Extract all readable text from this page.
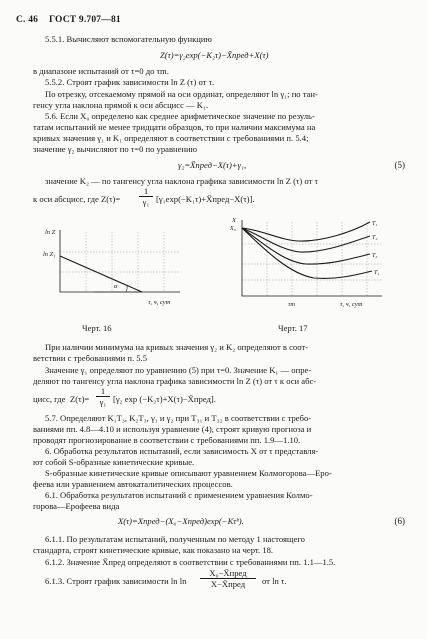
С. 46 ГОСТ 9.707—81
5.5.1. Вычисляют вспомогательную функцию
Z(τ)=γ₂exp(−K₂τ)−X̄пред+X(τ)
в диапазоне испытаний от τ=0 до τm.
5.5.2. Строят график зависимости ln Z (τ) от τ.
По отрезку, отсекаемому прямой на оси ординат, определяют ln γ₁; по тан-
генсу угла наклона прямой к оси абсцисс — K₁.
5.6. Если X₀ определено как среднее арифметическое значение по резуль-
татам испытаний не менее тридцати образцов, то при наличии максимума на
кривых значения γ₁ и K₁ определяют в соответствии с требованиями п. 5.4;
значение γ₂ вычисляют по τ=0 по уравнению
γ₂=X̄пред−X(τ)+γ₁,	(5)
значение K₂ — по тангенсу угла наклона графика зависимости ln Z (τ) от τ
к оси абсцисс, где $Z(\tau)= \frac{1}{\text{γ₁}}$ [γ₁exp(−K₁τ)+X̄пред−X(τ)].
ln Z
ln Z₁
α
τ, ч, сут
Черт. 16
X
X₀
T₁
T₂
T₃
T₄
τm	τ, ч, сут
Черт. 17
При наличии минимума на кривых значения γ₂ и K₂ определяют в соот-
ветствии с требованиями п. 5.5
Значение γ₁ определяют по уравнению (5) при τ=0. Значение K₁ — опре-
деляют по тангенсу угла наклона графика зависимости ln Z (τ) от τ к оси абс-
цисс, где $Z(\tau)= \frac{1}{\text{γ₁}} [\gamma_2$ exp (−K₂τ)+X(τ)−X̄пред].
5.7. Определяют K₁T₃, K₂T₃, γ₁ и γ₂ при T₃₁ и T₃₂ в соответствии с требо-
ваниями пп. 4.8—4.10 и используя уравнение (4), строят кривую прогноза и
проводят прогнозирование в соответствии с требованиями пп. 1.9—1.10.
6. Обработка результатов испытаний, если зависимость X от τ представля-
ют собой S-образные кинетические кривые.
S-образные кинетические кривые описывают уравнением Колмогорова—Еро-
феева или уравнением автокаталитических процессов.
6.1. Обработка результатов испытаний с применением уравнения Колмо-
горова—Ерофеева вида
X(τ)=Xпред−(X₀−Xпред)exp(−Kτᵇ).	(6)
6.1.1. По результатам испытаний, полученным по методу 1 настоящего
стандарта, строят кинетические кривые, как показано на черт. 18.
6.1.2. Значение X̄пред определяют в соответствии с требованиями пп. 1.1—1.5.
6.1.3. Строят график зависимости ln ln
X₀−X̄пред
X−X̄пред	от ln τ.
